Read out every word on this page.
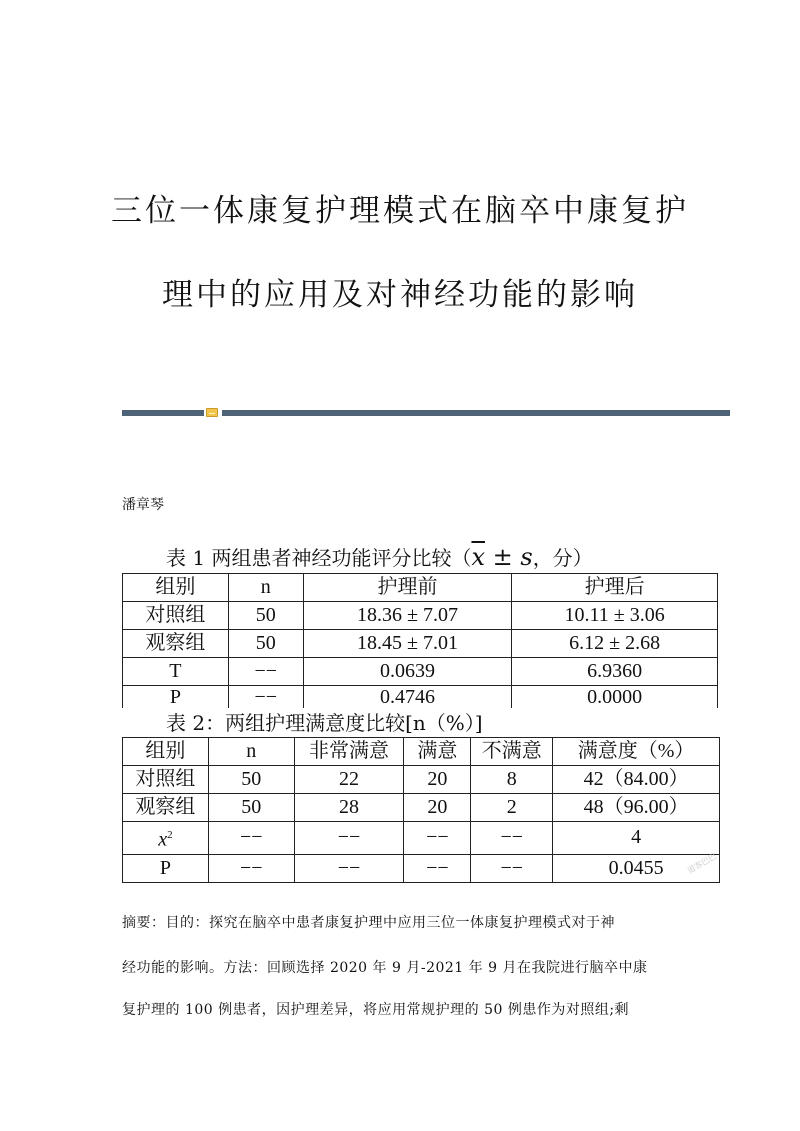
三位一体康复护理模式在脑卒中康复护
理中的应用及对神经功能的影响
潘章琴
表 1 两组患者神经功能评分比较（$\overline{x} \pm s$，分）
组别	n	护理前	护理后
对照组	50	18.36 ± 7.07	10.11 ± 3.06
观察组	50	18.45 ± 7.01	6.12 ± 2.68
T	−−	0.0639	6.9360
P	−−	0.4746	0.0000
表 2：两组护理满意度比较[n（%）]
组别	n	非常满意	满意	不满意	满意度（%）
对照组	50	22	20	8	42（84.00）
观察组	50	28	20	2	48（96.00）
$x^2$	−−	−−	−−	−−	4
P	−−	−−	−−	−−	0.0455	道客巴巴
摘要：目的：探究在脑卒中患者康复护理中应用三位一体康复护理模式对于神
经功能的影响。方法：回顾选择 2020 年 9 月-2021 年 9 月在我院进行脑卒中康
复护理的 100 例患者，因护理差异，将应用常规护理的 50 例患作为对照组;剩
